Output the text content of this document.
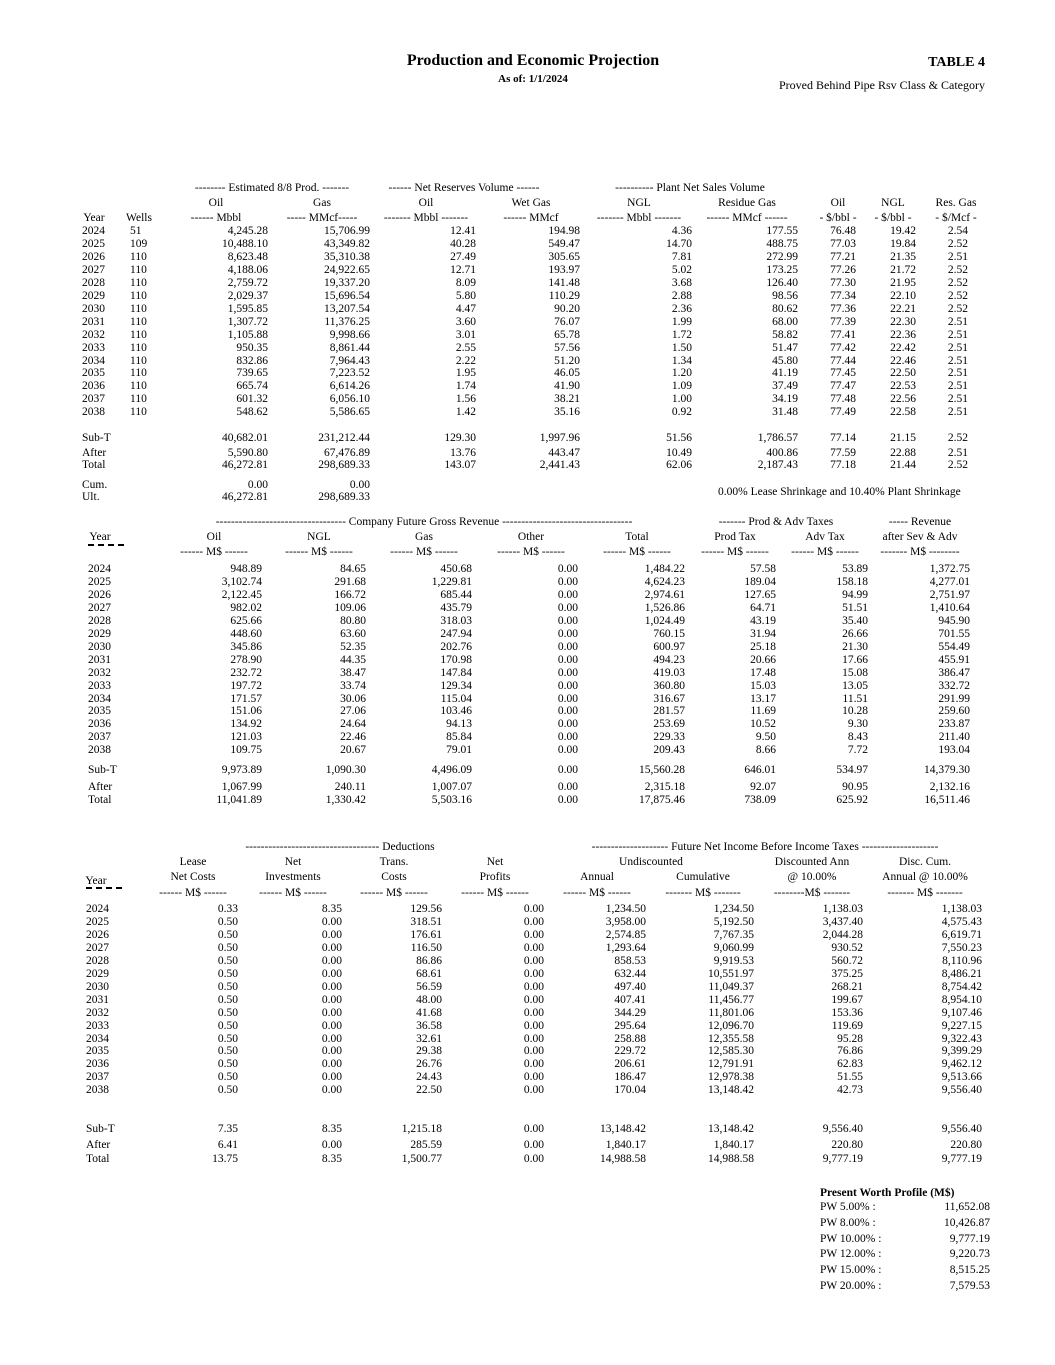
Production and Economic Projection
As of: 1/1/2024
TABLE 4
Proved Behind Pipe Rsv Class & Category
-------- Estimated 8/8 Prod. -------	------ Net Reserves Volume ------	---------- Plant Net Sales Volume
Oil	Gas	Oil	Wet Gas	NGL	Residue Gas	Oil	NGL	Res. Gas
Year	Wells	------ Mbbl	----- MMcf-----	------- Mbbl -------	------ MMcf	------- Mbbl -------	------ MMcf ------	- $/bbl -	- $/bbl -	- $/Mcf -
2024 51	4,245.28	15,706.99	12.41	194.98	4.36	177.55	76.48	19.42	2.54
2025 109	10,488.10	43,349.82	40.28	549.47	14.70	488.75	77.03	19.84	2.52
2026 110	8,623.48	35,310.38	27.49	305.65	7.81	272.99	77.21	21.35	2.51
2027 110	4,188.06	24,922.65	12.71	193.97	5.02	173.25	77.26	21.72	2.52
2028 110	2,759.72	19,337.20	8.09	141.48	3.68	126.40	77.30	21.95	2.52
2029 110	2,029.37	15,696.54	5.80	110.29	2.88	98.56	77.34	22.10	2.52
2030 110	1,595.85	13,207.54	4.47	90.20	2.36	80.62	77.36	22.21	2.52
2031 110	1,307.72	11,376.25	3.60	76.07	1.99	68.00	77.39	22.30	2.51
2032 110	1,105.88	9,998.66	3.01	65.78	1.72	58.82	77.41	22.36	2.51
2033 110	950.35	8,861.44	2.55	57.56	1.50	51.47	77.42	22.42	2.51
2034 110	832.86	7,964.43	2.22	51.20	1.34	45.80	77.44	22.46	2.51
2035 110	739.65	7,223.52	1.95	46.05	1.20	41.19	77.45	22.50	2.51
2036 110	665.74	6,614.26	1.74	41.90	1.09	37.49	77.47	22.53	2.51
2037 110	601.32	6,056.10	1.56	38.21	1.00	34.19	77.48	22.56	2.51
2038 110	548.62	5,586.65	1.42	35.16	0.92	31.48	77.49	22.58	2.51
Sub-T	40,682.01	231,212.44	129.30	1,997.96	51.56	1,786.57	77.14	21.15	2.52
After	5,590.80	67,476.89	13.76	443.47	10.49	400.86	77.59	22.88	2.51
Total	46,272.81	298,689.33	143.07	2,441.43	62.06	2,187.43	77.18	21.44	2.52
Cum.	0.00	0.00
Ult.	46,272.81	298,689.33	0.00% Lease Shrinkage and 10.40% Plant Shrinkage
---------------------------------- Company Future Gross Revenue ----------------------------------	------- Prod & Adv Taxes	----- Revenue
Year	Oil	NGL	Gas	Other	Total	Prod Tax	Adv Tax	after Sev & Adv
------ M$ ------	------ M$ ------	------ M$ ------	------ M$ ------	------ M$ ------	------ M$ ------	------ M$ ------	------- M$ --------
2024	948.89	84.65	450.68	0.00	1,484.22	57.58	53.89	1,372.75
2025	3,102.74	291.68	1,229.81	0.00	4,624.23	189.04	158.18	4,277.01
2026	2,122.45	166.72	685.44	0.00	2,974.61	127.65	94.99	2,751.97
2027	982.02	109.06	435.79	0.00	1,526.86	64.71	51.51	1,410.64
2028	625.66	80.80	318.03	0.00	1,024.49	43.19	35.40	945.90
2029	448.60	63.60	247.94	0.00	760.15	31.94	26.66	701.55
2030	345.86	52.35	202.76	0.00	600.97	25.18	21.30	554.49
2031	278.90	44.35	170.98	0.00	494.23	20.66	17.66	455.91
2032	232.72	38.47	147.84	0.00	419.03	17.48	15.08	386.47
2033	197.72	33.74	129.34	0.00	360.80	15.03	13.05	332.72
2034	171.57	30.06	115.04	0.00	316.67	13.17	11.51	291.99
2035	151.06	27.06	103.46	0.00	281.57	11.69	10.28	259.60
2036	134.92	24.64	94.13	0.00	253.69	10.52	9.30	233.87
2037	121.03	22.46	85.84	0.00	229.33	9.50	8.43	211.40
2038	109.75	20.67	79.01	0.00	209.43	8.66	7.72	193.04
Sub-T	9,973.89	1,090.30	4,496.09	0.00	15,560.28	646.01	534.97	14,379.30
After	1,067.99	240.11	1,007.07	0.00	2,315.18	92.07	90.95	2,132.16
Total	11,041.89	1,330.42	5,503.16	0.00	17,875.46	738.09	625.92	16,511.46
----------------------------------- Deductions	-------------------- Future Net Income Before Income Taxes --------------------
Lease	Net	Trans.	Net	Undiscounted	Discounted Ann	Disc. Cum.
Year	Net Costs	Investments	Costs	Profits	Annual	Cumulative	@ 10.00%	Annual @ 10.00%
------ M$ ------	------ M$ ------	------ M$ ------	------ M$ ------	------ M$ ------	------- M$ -------	--------M$ -------	------- M$ -------
2024	0.33	8.35	129.56	0.00	1,234.50	1,234.50	1,138.03	1,138.03
2025	0.50	0.00	318.51	0.00	3,958.00	5,192.50	3,437.40	4,575.43
2026	0.50	0.00	176.61	0.00	2,574.85	7,767.35	2,044.28	6,619.71
2027	0.50	0.00	116.50	0.00	1,293.64	9,060.99	930.52	7,550.23
2028	0.50	0.00	86.86	0.00	858.53	9,919.53	560.72	8,110.96
2029	0.50	0.00	68.61	0.00	632.44	10,551.97	375.25	8,486.21
2030	0.50	0.00	56.59	0.00	497.40	11,049.37	268.21	8,754.42
2031	0.50	0.00	48.00	0.00	407.41	11,456.77	199.67	8,954.10
2032	0.50	0.00	41.68	0.00	344.29	11,801.06	153.36	9,107.46
2033	0.50	0.00	36.58	0.00	295.64	12,096.70	119.69	9,227.15
2034	0.50	0.00	32.61	0.00	258.88	12,355.58	95.28	9,322.43
2035	0.50	0.00	29.38	0.00	229.72	12,585.30	76.86	9,399.29
2036	0.50	0.00	26.76	0.00	206.61	12,791.91	62.83	9,462.12
2037	0.50	0.00	24.43	0.00	186.47	12,978.38	51.55	9,513.66
2038	0.50	0.00	22.50	0.00	170.04	13,148.42	42.73	9,556.40
Sub-T	7.35	8.35	1,215.18	0.00	13,148.42	13,148.42	9,556.40	9,556.40
After	6.41	0.00	285.59	0.00	1,840.17	1,840.17	220.80	220.80
Total	13.75	8.35	1,500.77	0.00	14,988.58	14,988.58	9,777.19	9,777.19
Present Worth Profile (M$)
PW 5.00% :	11,652.08
PW 8.00% :	10,426.87
PW 10.00% :	9,777.19
PW 12.00% :	9,220.73
PW 15.00% :	8,515.25
PW 20.00% :	7,579.53
